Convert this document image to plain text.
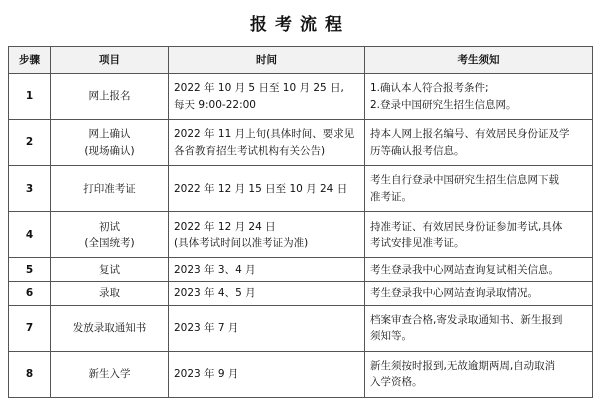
报考流程
步骤	项目	时间	考生须知
1	网上报名	2022 年 10 月 5 日至 10 月 25 日,
每天 9:00-22:00	1.确认本人符合报考条件;
2.登录中国研究生招生信息网。

2	网上确认
(现场确认)	2022 年 11 月上旬(具体时间、要求见
各省教育招生考试机构有关公告)	持本人网上报名编号、有效居民身份证及学
历等确认报考信息。

3	打印准考证	2022 年 12 月 15 日至 10 月 24 日	考生自行登录中国研究生招生信息网下载
准考证。

4	初试
(全国统考)	2022 年 12 月 24 日
(具体考试时间以准考证为准)	持准考证、有效居民身份证参加考试,具体
考试安排见准考证。

5	复试	2023 年 3、4 月	考生登录我中心网站查询复试相关信息。

6	录取	2023 年 4、5 月	考生登录我中心网站查询录取情况。

7	发放录取通知书	2023 年 7 月	档案审查合格,寄发录取通知书、新生报到
须知等。

8	新生入学	2023 年 9 月	新生须按时报到,无故逾期两周,自动取消
入学资格。
